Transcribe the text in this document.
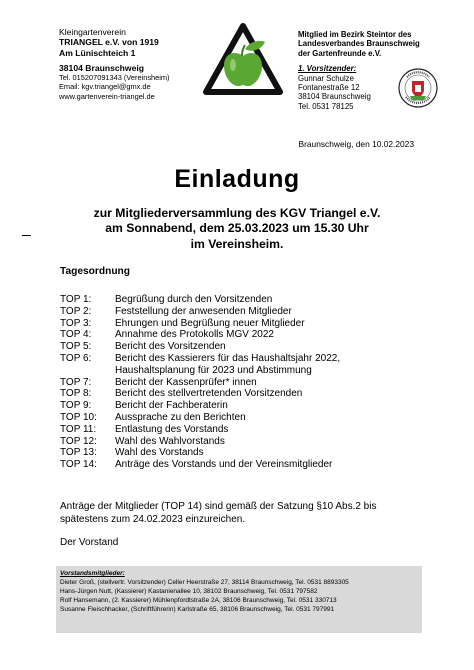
Kleingartenverein
TRIANGEL e.V. von 1919
Am Lünischteich 1
38104 Braunschweig
Tel. 015207091343 (Vereinsheim)
Email: kgv.triangel@gmx.de
www.gartenverein-triangel.de
Mitglied im Bezirk Steintor des
Landesverbandes Braunschweig
der Gartenfreunde e.V.
1. Vorsitzender:
Gunnar Schulze
Fontanestraße 12
38104 Braunschweig
Tel. 0531 78125
Braunschweig, den 10.02.2023
Einladung
zur Mitgliederversammlung des KGV Triangel e.V.
am Sonnabend, dem 25.03.2023 um 15.30 Uhr
im Vereinsheim.
Tagesordnung
TOP 1:	Begrüßung durch den Vorsitzenden
TOP 2:	Feststellung der anwesenden Mitglieder
TOP 3:	Ehrungen und Begrüßung neuer Mitglieder
TOP 4:	Annahme des Protokolls MGV 2022
TOP 5:	Bericht des Vorsitzenden
TOP 6:	Bericht des Kassierers für das Haushaltsjahr 2022,
Haushaltsplanung für 2023 und Abstimmung
TOP 7:	Bericht der Kassenprüfer* innen
TOP 8:	Bericht des stellvertretenden Vorsitzenden
TOP 9:	Bericht der Fachberaterin
TOP 10:	Aussprache zu den Berichten
TOP 11:	Entlastung des Vorstands
TOP 12:	Wahl des Wahlvorstands
TOP 13:	Wahl des Vorstands
TOP 14:	Anträge des Vorstands und der Vereinsmitglieder
Anträge der Mitglieder (TOP 14) sind gemäß der Satzung §10 Abs.2 bis spätestens zum 24.02.2023 einzureichen.
Der Vorstand
Vorstandsmitglieder:
Dieter Groß, (stellvertr. Vorsitzender) Celler Heerstraße 27, 38114 Braunschweig, Tel. 0531 8893305
Hans-Jürgen Nutt, (Kassierer) Kastanienallee 10, 38102 Braunschweig, Tel. 0531 797582
Rolf Hansemann, (2. Kassierer) Mühlenpfordtstraße 2A, 38106 Braunschweig, Tel. 0531 330713
Susanne Fleischhacker, (Schriftführerin) Karlstraße 65, 38106 Braunschweig, Tel. 0531 797991
